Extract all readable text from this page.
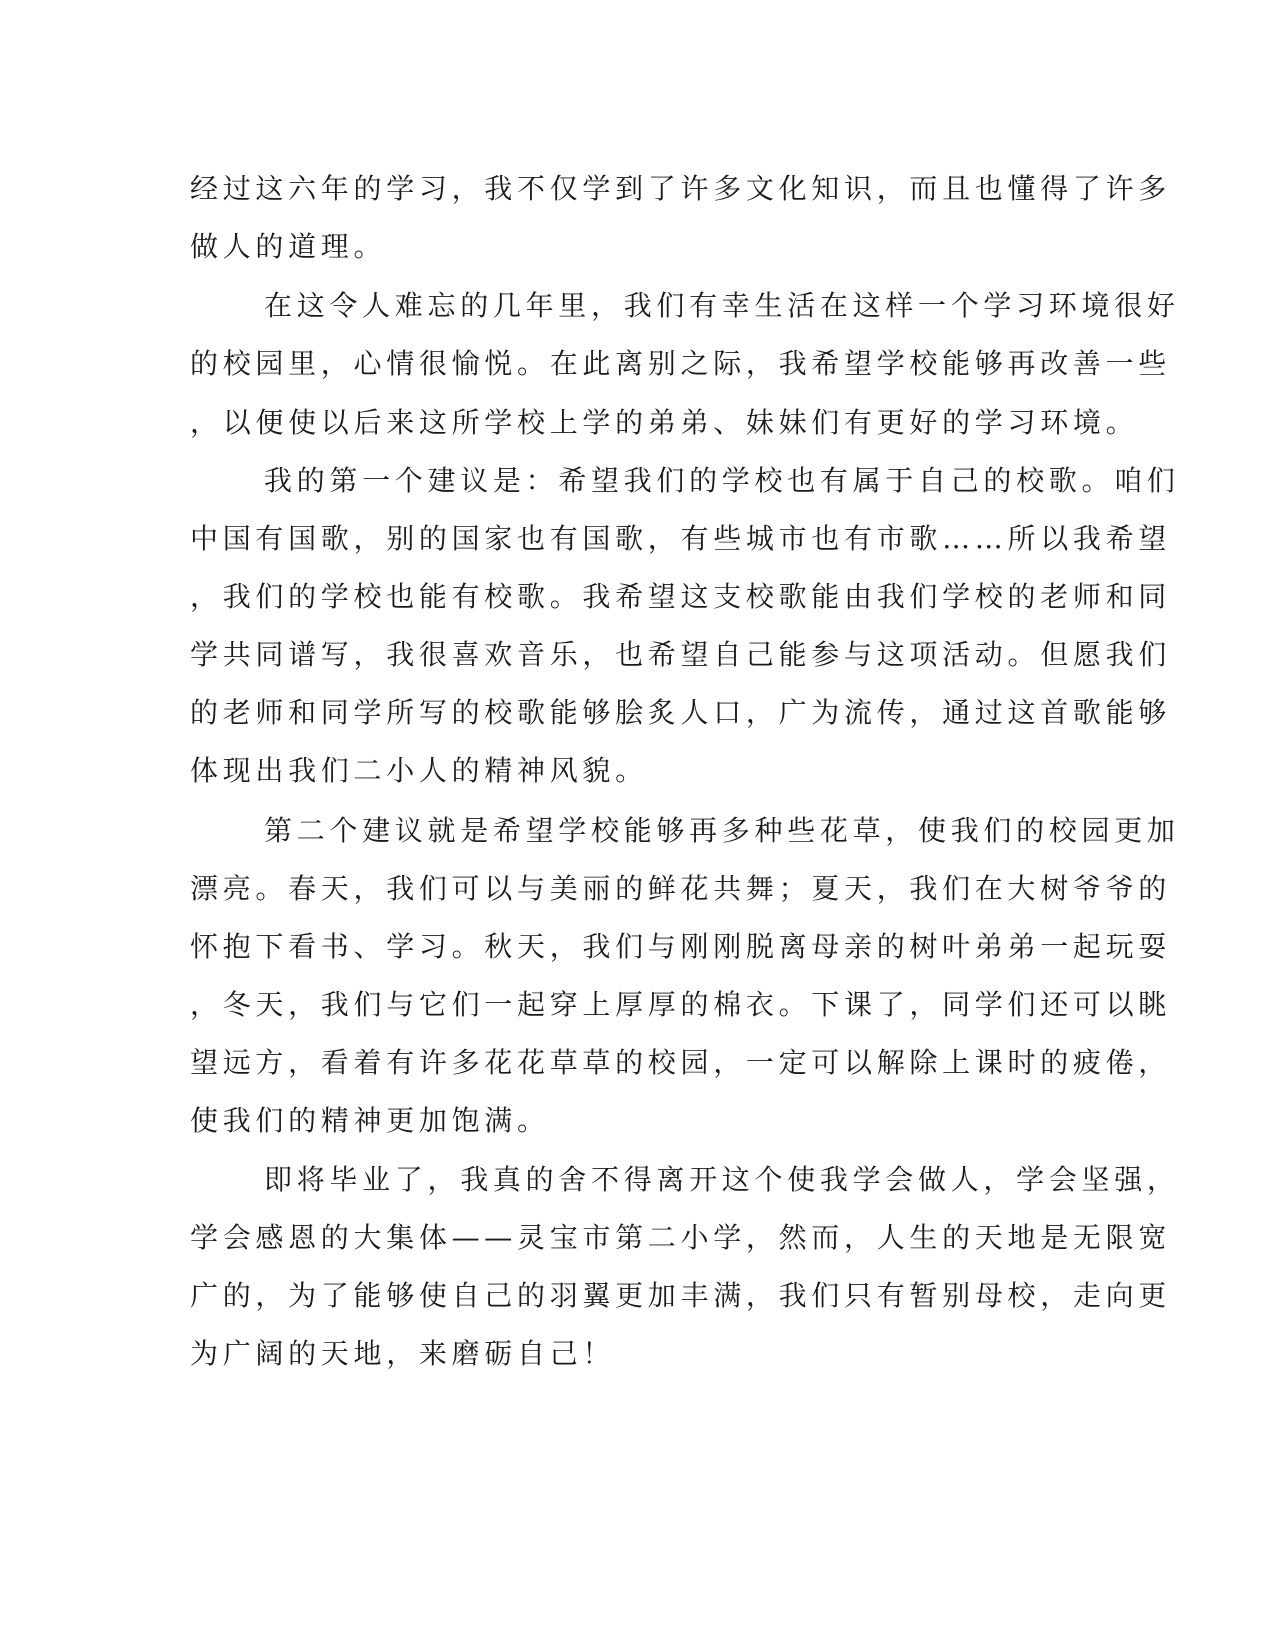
经过这六年的学习，我不仅学到了许多文化知识，而且也懂得了许多
做人的道理。
在这令人难忘的几年里，我们有幸生活在这样一个学习环境很好
的校园里，心情很愉悦。在此离别之际，我希望学校能够再改善一些
，以便使以后来这所学校上学的弟弟、妹妹们有更好的学习环境。
我的第一个建议是：希望我们的学校也有属于自己的校歌。咱们
中国有国歌，别的国家也有国歌，有些城市也有市歌……所以我希望
，我们的学校也能有校歌。我希望这支校歌能由我们学校的老师和同
学共同谱写，我很喜欢音乐，也希望自己能参与这项活动。但愿我们
的老师和同学所写的校歌能够脍炙人口，广为流传，通过这首歌能够
体现出我们二小人的精神风貌。
第二个建议就是希望学校能够再多种些花草，使我们的校园更加
漂亮。春天，我们可以与美丽的鲜花共舞；夏天，我们在大树爷爷的
怀抱下看书、学习。秋天，我们与刚刚脱离母亲的树叶弟弟一起玩耍
，冬天，我们与它们一起穿上厚厚的棉衣。下课了，同学们还可以眺
望远方，看着有许多花花草草的校园，一定可以解除上课时的疲倦，
使我们的精神更加饱满。
即将毕业了，我真的舍不得离开这个使我学会做人，学会坚强，
学会感恩的大集体——灵宝市第二小学，然而，人生的天地是无限宽
广的，为了能够使自己的羽翼更加丰满，我们只有暂别母校，走向更
为广阔的天地，来磨砺自己！
